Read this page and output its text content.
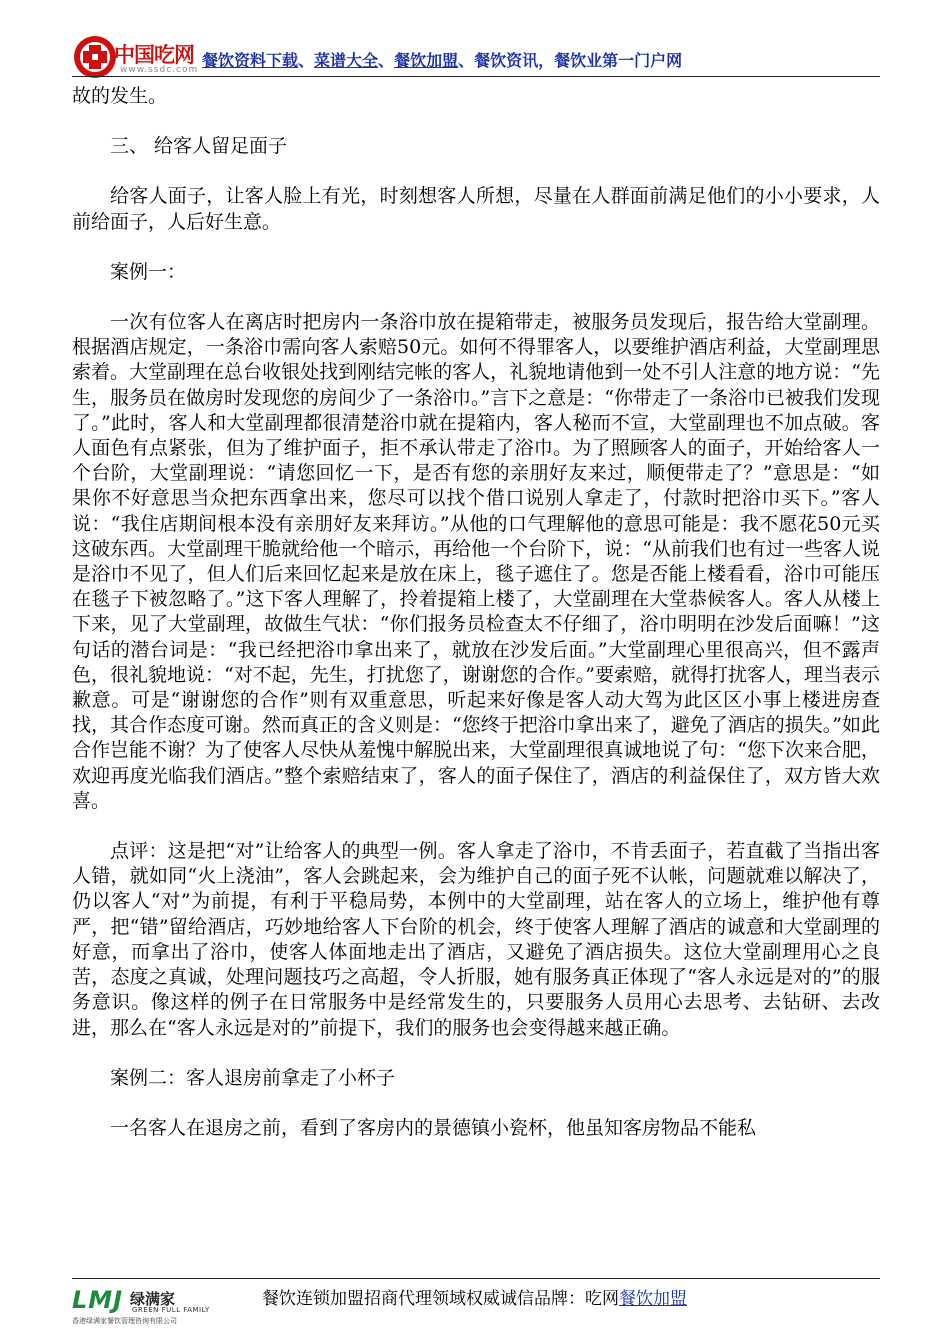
中国吃网
www.ssdc.com 餐饮资料下载、菜谱大全、餐饮加盟、餐饮资讯，餐饮业第一门户网

故的发生。

三、 给客人留足面子

给客人面子，让客人脸上有光，时刻想客人所想，尽量在人群面前满足他们的小小要求，人前给面子，人后好生意。

案例一：

一次有位客人在离店时把房内一条浴巾放在提箱带走，被服务员发现后，报告给大堂副理。根据酒店规定，一条浴巾需向客人索赔50元。如何不得罪客人，以要维护酒店利益，大堂副理思索着。大堂副理在总台收银处找到刚结完帐的客人，礼貌地请他到一处不引人注意的地方说：“先生，服务员在做房时发现您的房间少了一条浴巾。”言下之意是：“你带走了一条浴巾已被我们发现了。”此时，客人和大堂副理都很清楚浴巾就在提箱内，客人秘而不宣，大堂副理也不加点破。客人面色有点紧张，但为了维护面子，拒不承认带走了浴巾。为了照顾客人的面子，开始给客人一个台阶，大堂副理说：“请您回忆一下，是否有您的亲朋好友来过，顺便带走了？”意思是：“如果你不好意思当众把东西拿出来，您尽可以找个借口说别人拿走了，付款时把浴巾买下。”客人说：“我住店期间根本没有亲朋好友来拜访。”从他的口气理解他的意思可能是：我不愿花50元买这破东西。大堂副理干脆就给他一个暗示，再给他一个台阶下，说：“从前我们也有过一些客人说是浴巾不见了，但人们后来回忆起来是放在床上，毯子遮住了。您是否能上楼看看，浴巾可能压在毯子下被忽略了。”这下客人理解了，拎着提箱上楼了，大堂副理在大堂恭候客人。客人从楼上下来，见了大堂副理，故做生气状：“你们报务员检查太不仔细了，浴巾明明在沙发后面嘛！”这句话的潜台词是：“我已经把浴巾拿出来了，就放在沙发后面。”大堂副理心里很高兴，但不露声色，很礼貌地说：“对不起，先生，打扰您了，谢谢您的合作。”要索赔，就得打扰客人，理当表示歉意。可是“谢谢您的合作”则有双重意思，听起来好像是客人动大驾为此区区小事上楼进房查找，其合作态度可谢。然而真正的含义则是：“您终于把浴巾拿出来了，避免了酒店的损失。”如此合作岂能不谢？为了使客人尽快从羞愧中解脱出来，大堂副理很真诚地说了句：“您下次来合肥，欢迎再度光临我们酒店。”整个索赔结束了，客人的面子保住了，酒店的利益保住了，双方皆大欢喜。

点评：这是把“对”让给客人的典型一例。客人拿走了浴巾，不肯丢面子，若直截了当指出客人错，就如同“火上浇油”，客人会跳起来，会为维护自己的面子死不认帐，问题就难以解决了，仍以客人“对”为前提，有利于平稳局势，本例中的大堂副理，站在客人的立场上，维护他有尊严，把“错”留给酒店，巧妙地给客人下台阶的机会，终于使客人理解了酒店的诚意和大堂副理的好意，而拿出了浴巾，使客人体面地走出了酒店，又避免了酒店损失。这位大堂副理用心之良苦，态度之真诚，处理问题技巧之高超，令人折服，她有服务真正体现了“客人永远是对的”的服务意识。像这样的例子在日常服务中是经常发生的，只要服务人员用心去思考、去钻研、去改进，那么在“客人永远是对的”前提下，我们的服务也会变得越来越正确。

案例二：客人退房前拿走了小杯子

一名客人在退房之前，看到了客房内的景德镇小瓷杯，他虽知客房物品不能私

LMJ 绿满家
GREEN FULL FAMILY
香港绿满家餐饮管理咨询有限公司
餐饮连锁加盟招商代理领域权威诚信品牌：吃网餐饮加盟
